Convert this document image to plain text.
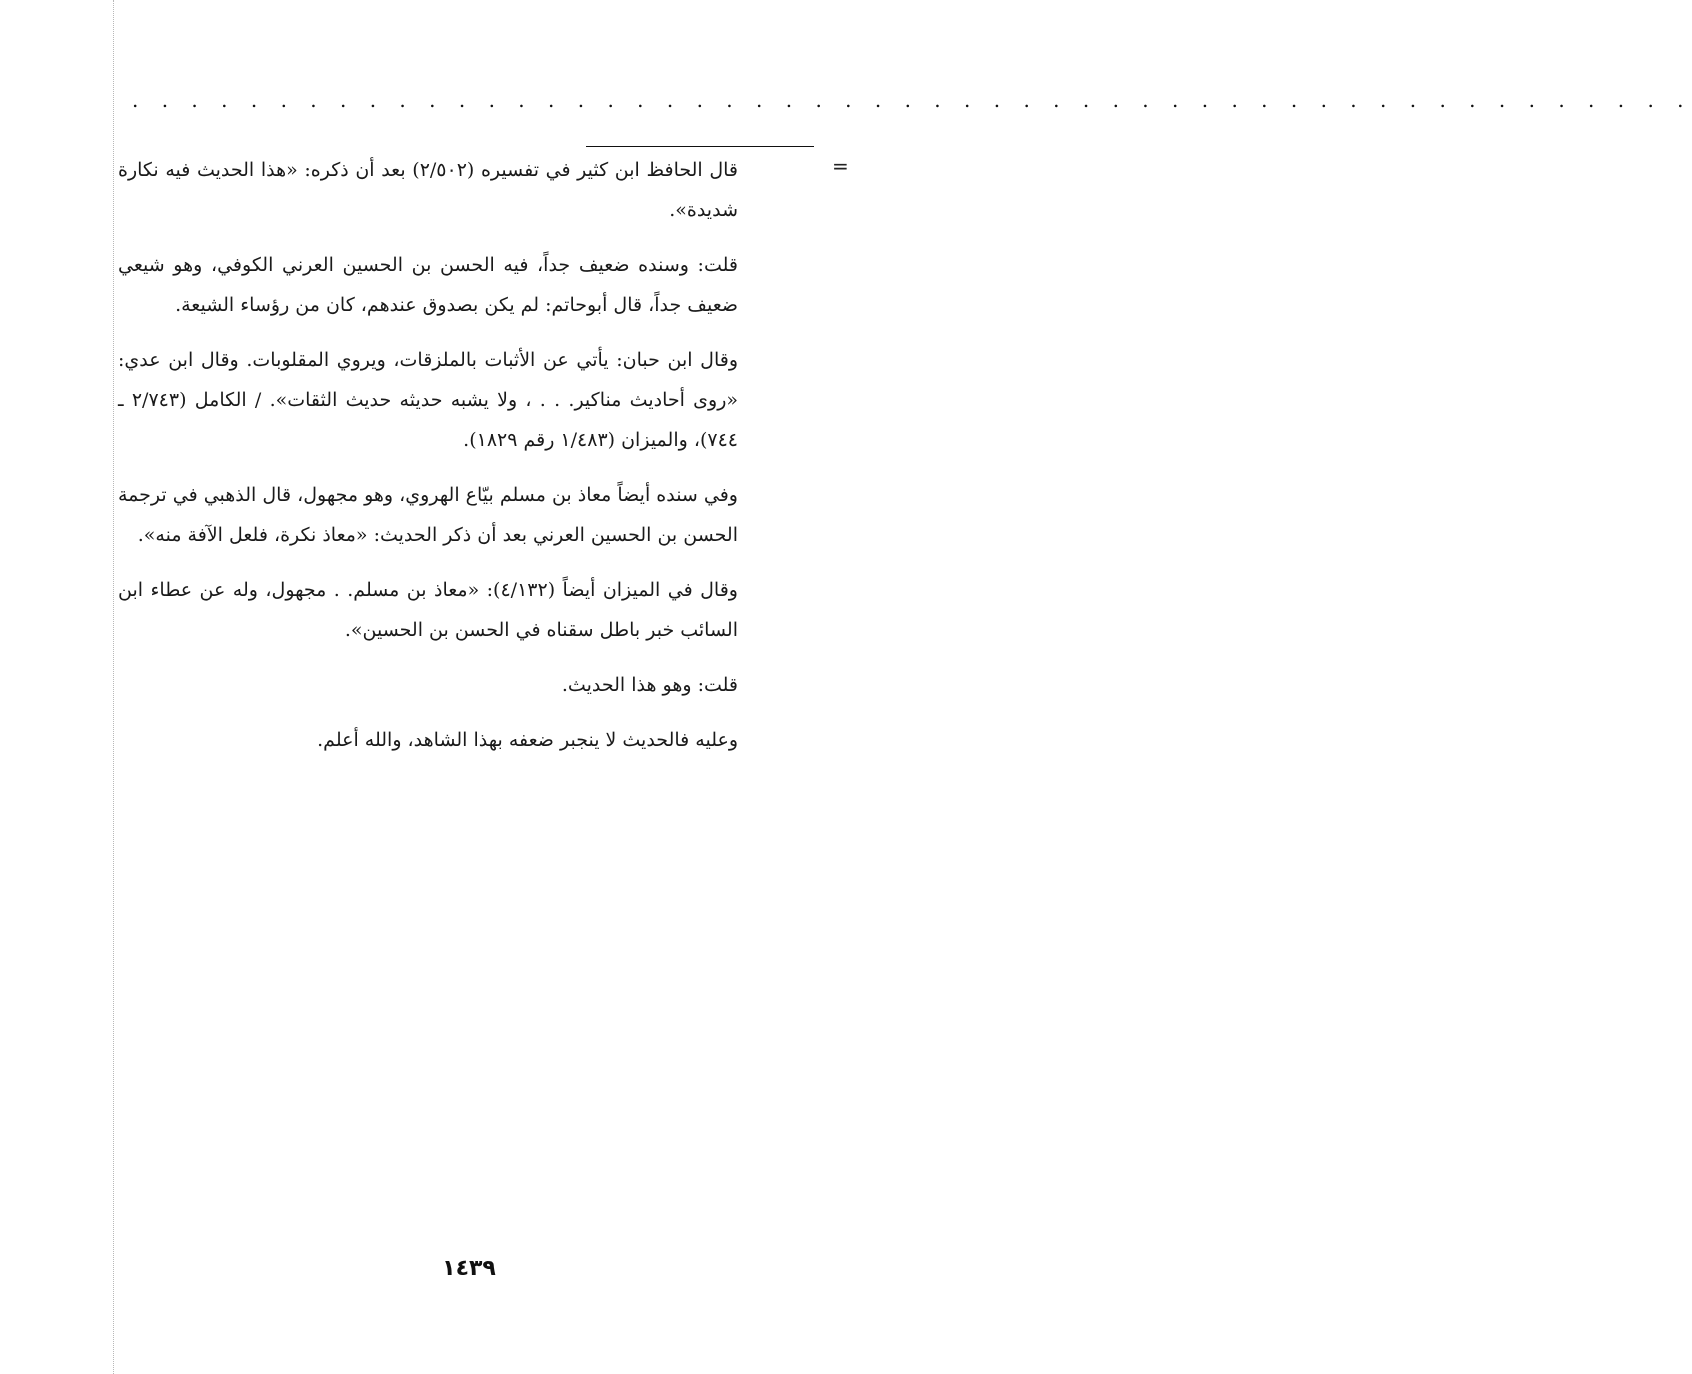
. . . . . . . . . . . . . . . . . . . . . . . . . . . . . . . . . . . . . . . . . . . . . . . . . . . . .
=

قال الحافظ ابن كثير في تفسيره (٢/٥٠٢) بعد أن ذكره: «هذا الحديث فيه نكارة شديدة».

قلت: وسنده ضعيف جداً، فيه الحسن بن الحسين العرني الكوفي، وهو شيعي ضعيف جداً، قال أبوحاتم: لم يكن بصدوق عندهم، كان من رؤساء الشيعة.

وقال ابن حبان: يأتي عن الأثبات بالملزقات، ويروي المقلوبات. وقال ابن عدي: «روى أحاديث مناكير. . . ، ولا يشبه حديثه حديث الثقات». / الكامل (٢/٧٤٣ ـ ٧٤٤)، والميزان (١/٤٨٣ رقم ١٨٢٩).

وفي سنده أيضاً معاذ بن مسلم بيّاع الهروي، وهو مجهول، قال الذهبي في ترجمة الحسن بن الحسين العرني بعد أن ذكر الحديث: «معاذ نكرة، فلعل الآفة منه».

وقال في الميزان أيضاً (٤/١٣٢): «معاذ بن مسلم. . مجهول، وله عن عطاء ابن السائب خبر باطل سقناه في الحسن بن الحسين».

قلت: وهو هذا الحديث.

وعليه فالحديث لا ينجبر ضعفه بهذا الشاهد، والله أعلم.

١٤٣٩
